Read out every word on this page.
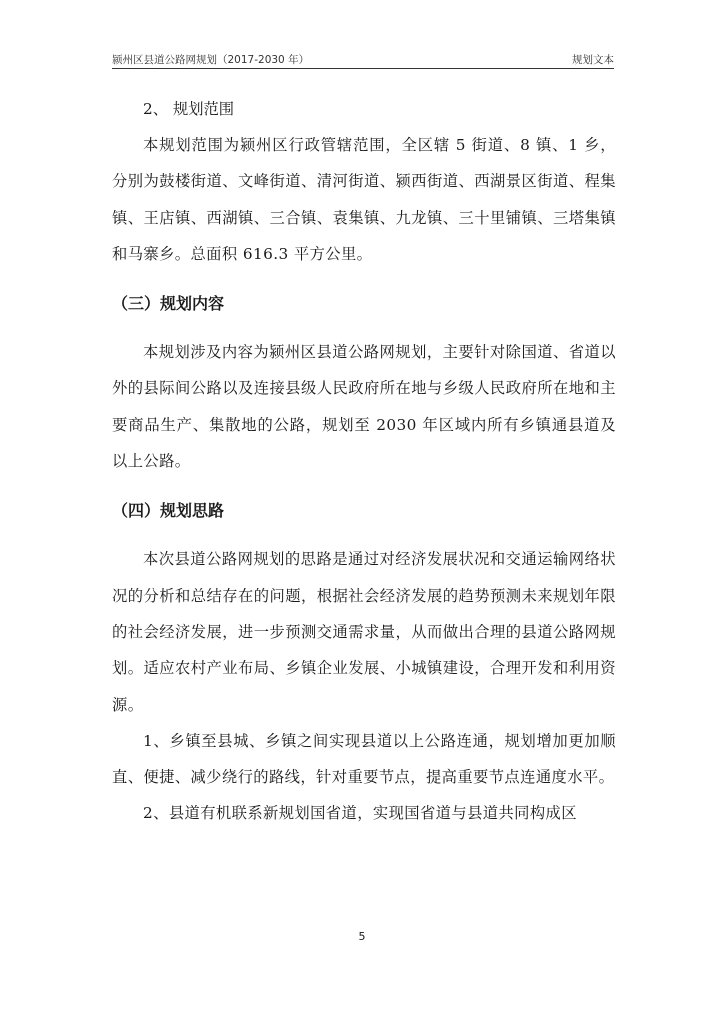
颍州区县道公路网规划（2017-2030 年）	规划文本

2、 规划范围

本规划范围为颍州区行政管辖范围，全区辖 5 街道、8 镇、1 乡，分别为鼓楼街道、文峰街道、清河街道、颍西街道、西湖景区街道、程集镇、王店镇、西湖镇、三合镇、袁集镇、九龙镇、三十里铺镇、三塔集镇和马寨乡。总面积 616.3 平方公里。

（三）规划内容

本规划涉及内容为颍州区县道公路网规划，主要针对除国道、省道以外的县际间公路以及连接县级人民政府所在地与乡级人民政府所在地和主要商品生产、集散地的公路，规划至 2030 年区域内所有乡镇通县道及以上公路。

（四）规划思路

本次县道公路网规划的思路是通过对经济发展状况和交通运输网络状况的分析和总结存在的问题，根据社会经济发展的趋势预测未来规划年限的社会经济发展，进一步预测交通需求量，从而做出合理的县道公路网规划。适应农村产业布局、乡镇企业发展、小城镇建设，合理开发和利用资源。

1、乡镇至县城、乡镇之间实现县道以上公路连通，规划增加更加顺直、便捷、减少绕行的路线，针对重要节点，提高重要节点连通度水平。

2、县道有机联系新规划国省道，实现国省道与县道共同构成区

5
